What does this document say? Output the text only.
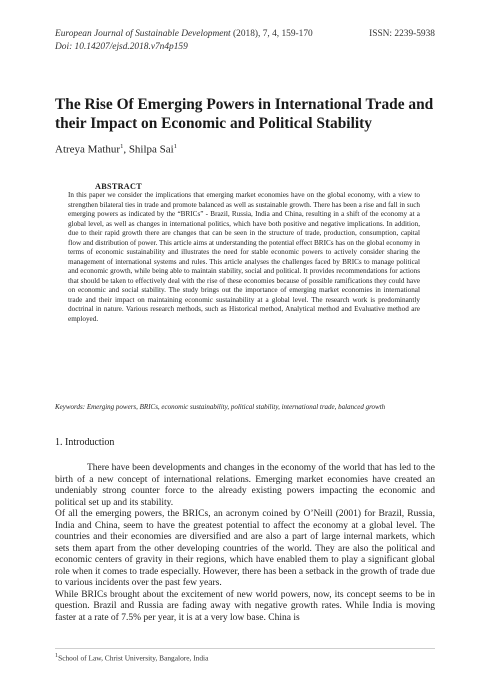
European Journal of Sustainable Development (2018), 7, 4, 159-170	ISSN: 2239-5938
Doi: 10.14207/ejsd.2018.v7n4p159
The Rise Of Emerging Powers in International Trade and their Impact on Economic and Political Stability
Atreya Mathur$^1$, Shilpa Sai$^1$
ABSTRACT

In this paper we consider the implications that emerging market economies have on the global economy, with a view to strengthen bilateral ties in trade and promote balanced as well as sustainable growth. There has been a rise and fall in such emerging powers as indicated by the “BRICs” - Brazil, Russia, India and China, resulting in a shift of the economy at a global level, as well as changes in international politics, which have both positive and negative implications. In addition, due to their rapid growth there are changes that can be seen in the structure of trade, production, consumption, capital flow and distribution of power. This article aims at understanding the potential effect BRICs has on the global economy in terms of economic sustainability and illustrates the need for stable economic powers to actively consider sharing the management of international systems and rules. This article analyses the challenges faced by BRICs to manage political and economic growth, while being able to maintain stability, social and political. It provides recommendations for actions that should be taken to effectively deal with the rise of these economies because of possible ramifications they could have on economic and social stability. The study brings out the importance of emerging market economies in international trade and their impact on maintaining economic sustainability at a global level. The research work is predominantly doctrinal in nature. Various research methods, such as Historical method, Analytical method and Evaluative method are employed.

Keywords: Emerging powers, BRICs, economic sustainability, political stability, international trade, balanced growth
1. Introduction

There have been developments and changes in the economy of the world that has led to the birth of a new concept of international relations. Emerging market economies have created an undeniably strong counter force to the already existing powers impacting the economic and political set up and its stability.

Of all the emerging powers, the BRICs, an acronym coined by O’Neill (2001) for Brazil, Russia, India and China, seem to have the greatest potential to affect the economy at a global level. The countries and their economies are diversified and are also a part of large internal markets, which sets them apart from the other developing countries of the world. They are also the political and economic centers of gravity in their regions, which have enabled them to play a significant global role when it comes to trade especially. However, there has been a setback in the growth of trade due to various incidents over the past few years.

While BRICs brought about the excitement of new world powers, now, its concept seems to be in question. Brazil and Russia are fading away with negative growth rates. While India is moving faster at a rate of 7.5% per year, it is at a very low base. China is

$^1$School of Law, Christ University, Bangalore, India
